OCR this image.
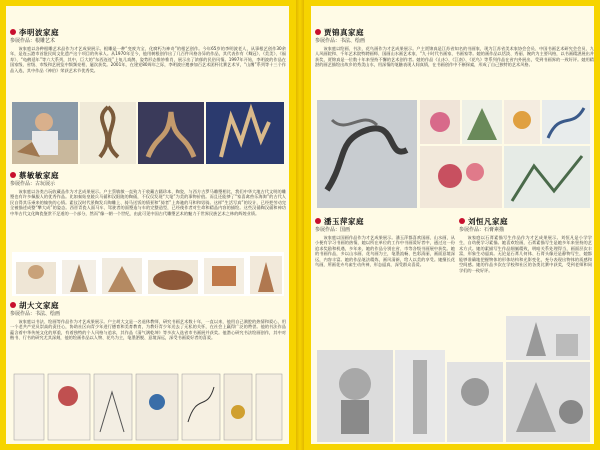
李明波家庭
参展作品：根雕艺术
该家庭以各种根雕艺术品作为才艺成果展示。根雕是一种“变废为宝、化腐朽为神奇”的根艺创作。今年65岁的李明波老人，从事根艺创作30余年，是连云港市首批民间文化遗产这个项目的传承人。从1970年至今，他用树根创作出了几百件风格各异的作品，其代表作有《舞冠》、《美美》、《福寿》、“龟鹤延年”等六大系列，其中，巨大的“东西连连”上龟儿戏鹊，姿势形态惟妙惟肖，展示出了浓郁的民俗风情。1997年开始，李明波的作品在国家级、省级、市级和艺展览中频频亮相，屡次获奖。2001年，在建党80周年之际，李明波应邀参加百艺术团杯比赛艺术节，“山鹰”系列等十三个作品入选，其中作品《神伯》荣获艺术节优秀奖。
蔡敏敏家庭
参展作品：古玩展示
该家庭以各类古玩收藏品作为才艺成果展示。户主蔡敏敏一直致力于收藏古籍珍本、陶瓷，与西方古罗马雕塑相比，我们中华大地古代文明的雕塑也有许多佩服人的优秀作品。比如秦始皇陵兵马俑和汉阳陵的陶俑，不仅仅发现“大笔”为美的事物价值。而且还能够了“家喜禽兽乐海淘”的古代人民自得其乐乘来的愉快的心情。素仪汉时代景陶发兵陶雕上、骑马送饭的情景和“骑者”上奔驰的马和和男骑。这样“生活写真”的设计，已经把劳动完全被描述成整“攀大成”的姿态。西晋青瓷人面马车、驾驶者的面塑造与车的完整造型，已经使作者对生命和精品内容的描绘。这些汉俑陶汉俑和神功中华古代文化陶瓷鉴赏不足道的一个部分，然而“像一朝一个世纪，由此可见中国古代雕塑艺术的魅力于世界民族艺术之林的辉煌业绩。
胡大文家庭
参展作品：书法、绘画
该家庭以书法、绘画等作品作为才艺成果展示。户主胡大文是一名退休教师，研究书画艺术数十年，一直以来，他用自己满腔的热情和爱心，用一个老共产党员崇高的责任心，协助社区向青少年进行德育和美育教育，为教好青少年送去了无私的关怀，在社会上赢得广泛的赞誉。他的书法作品蕴含着中华传统文化的厚重，有着独特的个人风格与追求，其作品《清气满乾坤》等多次入选省市书画展并获奖。他潜心研究书法绘画创作，其中对楷书、行书的研究尤其深刻，他的绘画作品以人物、花鸟为主，笔墨洒脱、意境深远，深受书画爱好者的喜爱。
贾锦真家庭
参展作品：书法、绘画
该家庭以绘画、书法、花鸟画作为才艺成果展示。户主贾锦真是江苏省知名的书画家，现为江苏省美术家协会会员、中国书画艺术研究会会员、九人风画院和、千年艺术院特聘画师、国画山水画艺术家、“九十时代书画家、书画家等。她的画作品以恬淡、秀丽、婉约为主要风格，以书画精湛展出并获奖，贾锦真是一位数十年来坚持不懈的艺术创作者。她的作品《山水》、《江南》、《花鸟》等系列作品在省内外展出，受到书画界的一致好评。她用精湛的画艺描绘出故乡的秀美山水，用深情的笔触表现人间真情，在书画创作中不断探索，形成了自己独特的艺术风格。
潘玉萍家庭
参展作品：国画
该家庭以国画作品作为才艺成果展示。潘玉萍都喜欢国画、山水画，从小便有学习书画的热情，她以所在单位的工作中书画爱好者中，通过这一份追求奖励和机遇，多年来，她的作品分别在省、市等各级书画展中获奖。她的书画作品，多以山水画、花鸟画为主，笔墨流畅、色彩清丽，画面意境深远，内容丰富。她的作品笔法精炼，画风清新，给人以美的享受。她擅长花鸟画，所画花卉鸟雀生动传神，形态逼真，深受群众喜爱。
刘恒凡家庭
参展作品：石膏素描
该家庭以石膏素描写生作品作为才艺成果展示。刘恒凡是小学学生，自幼便学习素描。她喜欢绘画，石膏素描写生是她多年来坚持的艺术方式。她的素描写生作品细腻精致，明暗关系处理得当，画面层次丰富，形象生动逼真。无论是石膏几何体、石膏头像还是静物写生，她都能够准确地把握物体的形体结构和光影变化，充分表现出物体的质感和空间感。她的作品多次在学校和社区的各类比赛中获奖，受到老师和同学们的一致好评。
